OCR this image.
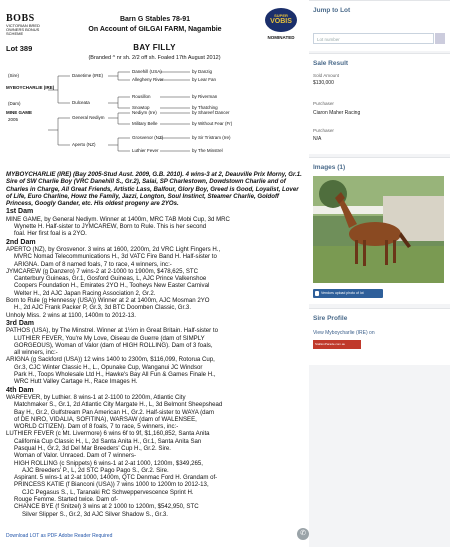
BOBS
VICTORIAN BRED OWNERS BONUS SCHEME
Barn G Stables 78-91
On Account of GILGAI FARM, Nagambie
SUPER
VOBIS
NOMINATED
Lot 389	BAY FILLY
(Branded ^ nr sh. 2/2 off sh. Foaled 17th August 2012)
(Sire)
MYBOYCHARLIE (IRE)
(Dam)
MINE GAME
2005
Danetime (IRE)
Dulceata
General Nediym
Aperto (NZ)
Danehill (USA)
Allegheny River
Rousillon
Snowtop
Nediym (Ire)
Military Belle
Grosvenor (NZ)
Luthier Fever
by Danzig
by Lear Fan
by Riverman
by Thatching
by Shareef Dancer
by Without Fear (Fr)
by Sir Tristram (Ire)
by The Minstrel

MYBOYCHARLIE (IRE) (Bay 2005-Stud Aust. 2009, G.B. 2010). 4 wins-3 at 2, Deauville Prix Morny, Gr.1. Sire of SW Charlie Boy (VRC Danehill S., Gr.2), Salai, SP Charlestown, Dowdstown Charlie and of Charles in Charge, All Great Friends, Artistic Lass, Balfour, Glory Boy, Greed is Good, Loyalist, Lover of Life, Euro Charline, Howz the Family, Jazzi, Longton, Soul Instinct, Steamer Charlie, Goldoff Princess, Googly Gander, etc. His oldest progeny are 2YOs.

1st Dam

MINE GAME, by General Nediym. Winner at 1400m, MRC TAB Mobi Cup, 3d MRC

Wynette H. Half-sister to JYMCAREW, Born to Rule. This is her second

foal. Her first foal is a 2YO.

2nd Dam

APERTO (NZ), by Grosvenor. 3 wins at 1600, 2200m, 2d VRC Light Fingers H.,

MVRC Nomad Telecommunications H., 3d VATC Fire Band H. Half-sister to

ARIGNA. Dam of 8 named foals, 7 to race, 4 winners, inc:-

JYMCAREW (g Danzero) 7 wins-2 at 2-1000 to 1900m, $478,625, STC

Canterbury Guineas, Gr.1, Gosford Guineas, L, AJC Prince Valkenshoe

Coopers Foundation H., Emirates 2YO H., Tooheys New Easter Carnival

Welter H., 2d AJC Japan Racing Association 2, Gr.2.

Born to Rule (g Hennessy (USA)) Winner at 2 at 1400m, AJC Mosman 2YO

H., 2d AJC Frank Packer P, Gr.3, 3d BTC Doomben Classic, Gr.3.

Unholy Miss. 2 wins at 1100, 1400m to 2012-13.

3rd Dam

PATHOS (USA), by The Minstrel. Winner at 1½m in Great Britain. Half-sister to

LUTHIER FEVER, You're My Love, Oiseau de Guerre (dam of SIMPLY

GORGEOUS), Woman of Valor (dam of HIGH ROLLING). Dam of 3 foals,

all winners, inc:-

ARIGNA (g Sackford (USA)) 12 wins 1400 to 2300m, $116,099, Rotorua Cup,

Gr.3, CJC Winter Classic H., L., Opunake Cup, Wanganui JC Windsor

Park H., Toops Wholesale Ltd H., Hawke's Bay All Fun & Games Finale H.,

WRC Hutt Valley Cartage H., Race Images H.

4th Dam

WARFEVER, by Luthier. 8 wins-1 at 2-1100 to 2200m, Atlantic City

Matchmaker S., Gr.1, 2d Atlantic City Margate H., L, 3d Belmont Sheepshead

Bay H., Gr.2, Gulfstream Pan American H., Gr.2. Half-sister to WAYA (dam

of DE NIRO, VIDALIA, SOFITINA), WARSAW (dam of WALENSEE,

WORLD CITIZEN). Dam of 8 foals, 7 to race, 5 winners, inc:-

LUTHIER FEVER (c Mt. Livermore) 6 wins 6f to 9f, $1,160,852, Santa Anita

California Cup Classic H., L, 2d Santa Anita H., Gr.1, Santa Anita San

Pasqual H., Gr.2, 3d Del Mar Breeders' Cup H., Gr.2. Sire.

Woman of Valor. Unraced. Dam of 7 winners-

HIGH ROLLING (c Snippets) 6 wins-1 at 2-at 1000, 1200m, $349,265,

AJC Breeders' P., L, 2d STC Pago Pago S., Gr.2. Sire.

Aspirant. 5 wins-1 at 2-at 1000, 1400m, QTC Denmac Ford H. Grandam of-

PRINCESS KATIE (f Bianconi (USA)) 7 wins 1000 to 1200m to 2012-13,

CJC Pegasus S., L, Taranaki RC Schweppervescence Sprint H.

Rouge Femme. Started twice. Dam of-

CHANCE BYE (f Snitzel) 3 wins at 2 1000 to 1200m, $542,950, STC

Silver Slipper S., Gr.2, 3d AJC Silver Shadow S., Gr.3.

Download LOT as PDF Adobe Reader Required	✆
Jump to Lot
Lot number
Sale Result
Sold Amount
$130,000
Purchaser
Ciaron Maher Racing
Purchaser
N/A
Images (1)
Vendors upload photo of lot
Sire Profile
View Myboycharlie (IRE) on
StallionParade.com.au
